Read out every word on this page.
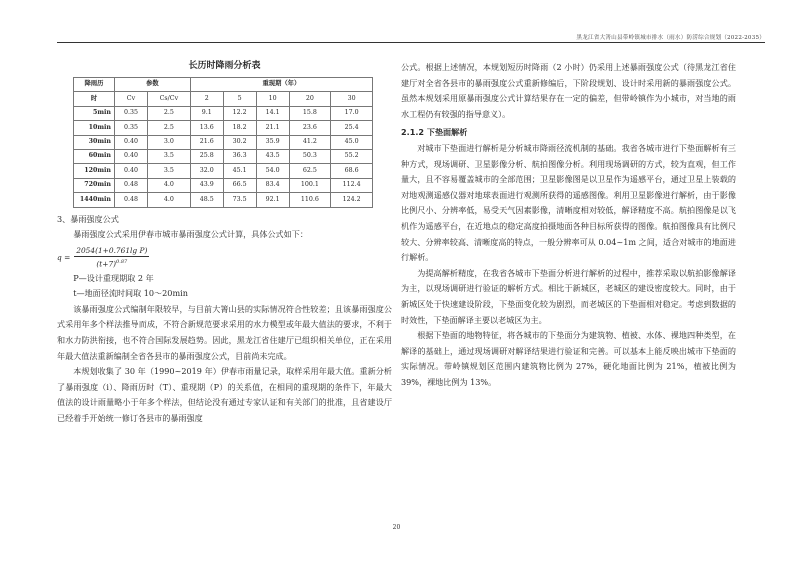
黑龙江省大箐山县带岭镇城市排水（雨水）防涝综合规划（2022-2035）
长历时降雨分析表
降雨历	参数		重现期（年）				
时	Cv	Cs/Cv	2	5	10	20	30
5min	0.35	2.5	9.1	12.2	14.1	15.8	17.0
10min	0.35	2.5	13.6	18.2	21.1	23.6	25.4
30min	0.40	3.0	21.6	30.2	35.9	41.2	45.0
60min	0.40	3.5	25.8	36.3	43.5	50.3	55.2
120min	0.40	3.5	32.0	45.1	54.0	62.5	68.6
720min	0.48	4.0	43.9	66.5	83.4	100.1	112.4
1440min	0.48	4.0	48.5	73.5	92.1	110.6	124.2

3、暴雨强度公式

暴雨强度公式采用伊春市城市暴雨强度公式计算，具体公式如下：

$q = \frac{\text{2054(1+0.761lg P)}}{(t+7)^{0.87}}$

P—设计重现期取 2 年

t—地面径流时间取 10～20min

该暴雨强度公式编制年限较早，与目前大箐山县的实际情况符合性较差；且该暴雨强度公式采用年多个样法推导而成，不符合新规范要求采用的水力模型或年最大值法的要求，不利于和水力防洪衔接，也不符合国际发展趋势。因此，黑龙江省住建厅已组织相关单位，正在采用年最大值法重新编制全省各县市的暴雨强度公式，目前尚未完成。

本规划收集了 30 年（1990~2019 年）伊春市雨量记录，取样采用年最大值。重新分析了暴雨强度（i）、降雨历时（T）、重现期（P）的关系值，在相同的重现期的条件下，年最大值法的设计雨量略小于年多个样法，但结论没有通过专家认证和有关部门的批准，且省建设厅已经着手开始统一修订各县市的暴雨强度

公式。根据上述情况，本规划短历时降雨（2 小时）仍采用上述暴雨强度公式（待黑龙江省住建厅对全省各县市的暴雨强度公式重新修编后，下阶段规划、设计时采用新的暴雨强度公式。虽然本规划采用原暴雨强度公式计算结果存在一定的偏差，但带岭镇作为小城市，对当地的雨水工程仍有较强的指导意义）。

2.1.2 下垫面解析

对城市下垫面进行解析是分析城市降雨径流机制的基础。我省各城市进行下垫面解析有三种方式，现场调研、卫星影像分析、航拍图像分析。利用现场调研的方式，较为直观，但工作量大，且不容易覆盖城市的全部范围；卫星影像图是以卫星作为遥感平台，通过卫星上装载的对地观测遥感仪器对地球表面进行观测所获得的遥感图像。利用卫星影像进行解析，由于影像比例尺小、分辨率低，易受天气因素影像，清晰度相对较低，解译精度不高。航拍图像是以飞机作为遥感平台，在近地点的稳定高度拍摄地面各种目标所获得的图像。航拍图像具有比例尺较大、分辨率较高、清晰度高的特点，一般分辨率可从 0.04~1m 之间，适合对城市的地面进行解析。

为提高解析精度，在我省各城市下垫面分析进行解析的过程中，推荐采取以航拍影像解译为主，以现场调研进行验证的解析方式。相比于新城区，老城区的建设密度较大。同时，由于新城区处于快速建设阶段，下垫面变化较为剧烈，而老城区的下垫面相对稳定。考虑到数据的时效性，下垫面解译主要以老城区为主。

根据下垫面的地物特征，将各城市的下垫面分为建筑物、植被、水体、裸地四种类型，在解译的基础上，通过现场调研对解译结果进行验证和完善。可以基本上能反映出城市下垫面的实际情况。带岭镇规划区范围内建筑物比例为 27%，硬化地面比例为 21%，植被比例为 39%，裸地比例为 13%。

20
